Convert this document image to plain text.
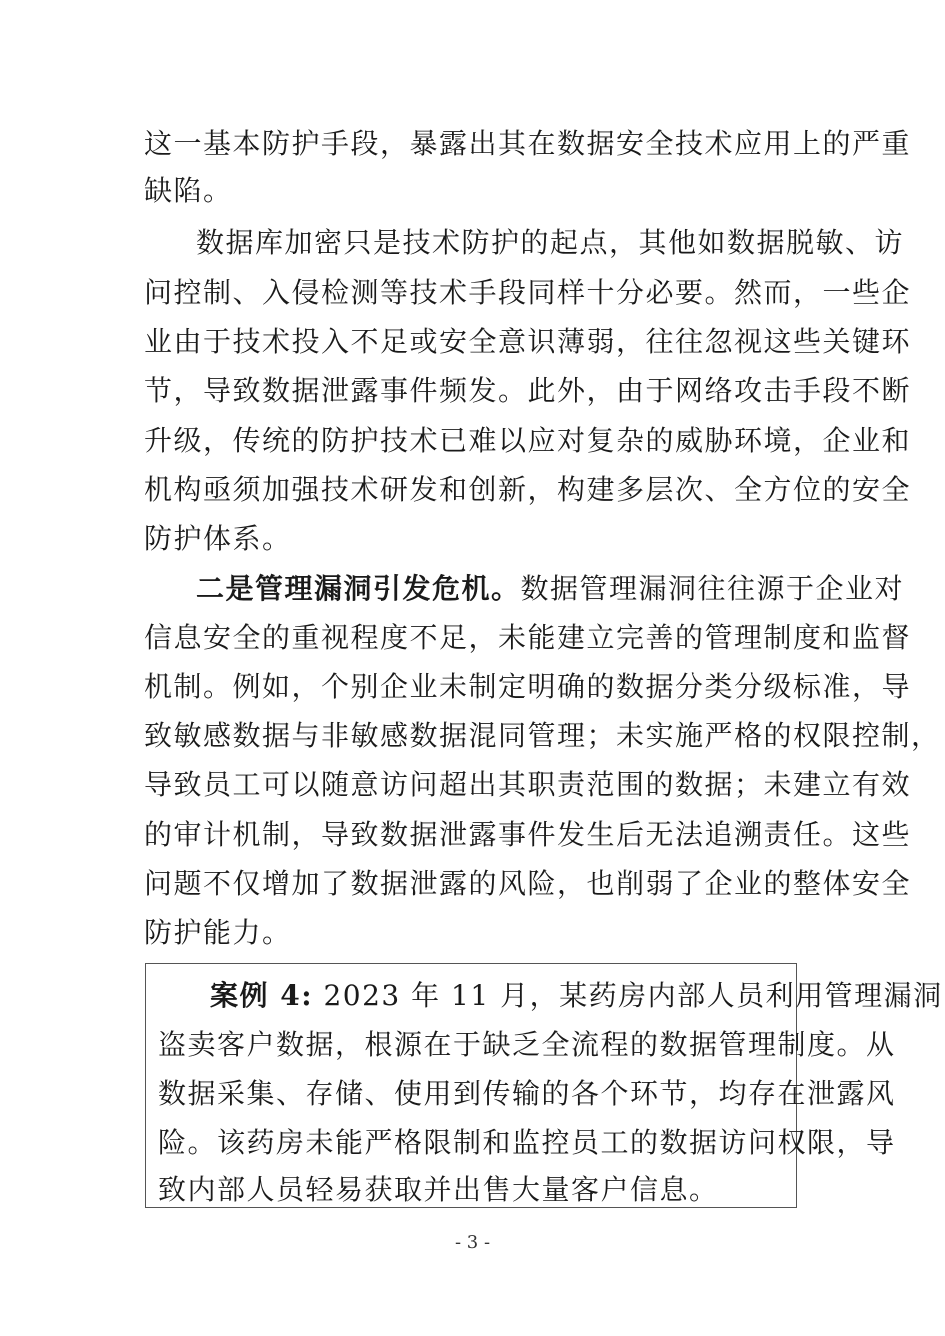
这一基本防护手段，暴露出其在数据安全技术应用上的严重
缺陷。
数据库加密只是技术防护的起点，其他如数据脱敏、访
问控制、入侵检测等技术手段同样十分必要。然而，一些企
业由于技术投入不足或安全意识薄弱，往往忽视这些关键环
节，导致数据泄露事件频发。此外，由于网络攻击手段不断
升级，传统的防护技术已难以应对复杂的威胁环境，企业和
机构亟须加强技术研发和创新，构建多层次、全方位的安全
防护体系。
二是管理漏洞引发危机。数据管理漏洞往往源于企业对
信息安全的重视程度不足，未能建立完善的管理制度和监督
机制。例如，个别企业未制定明确的数据分类分级标准，导
致敏感数据与非敏感数据混同管理；未实施严格的权限控制，
导致员工可以随意访问超出其职责范围的数据；未建立有效
的审计机制，导致数据泄露事件发生后无法追溯责任。这些
问题不仅增加了数据泄露的风险，也削弱了企业的整体安全
防护能力。
案例 4: 2023 年 11 月，某药房内部人员利用管理漏洞
盗卖客户数据，根源在于缺乏全流程的数据管理制度。从
数据采集、存储、使用到传输的各个环节，均存在泄露风
险。该药房未能严格限制和监控员工的数据访问权限，导
致内部人员轻易获取并出售大量客户信息。
- 3 -
